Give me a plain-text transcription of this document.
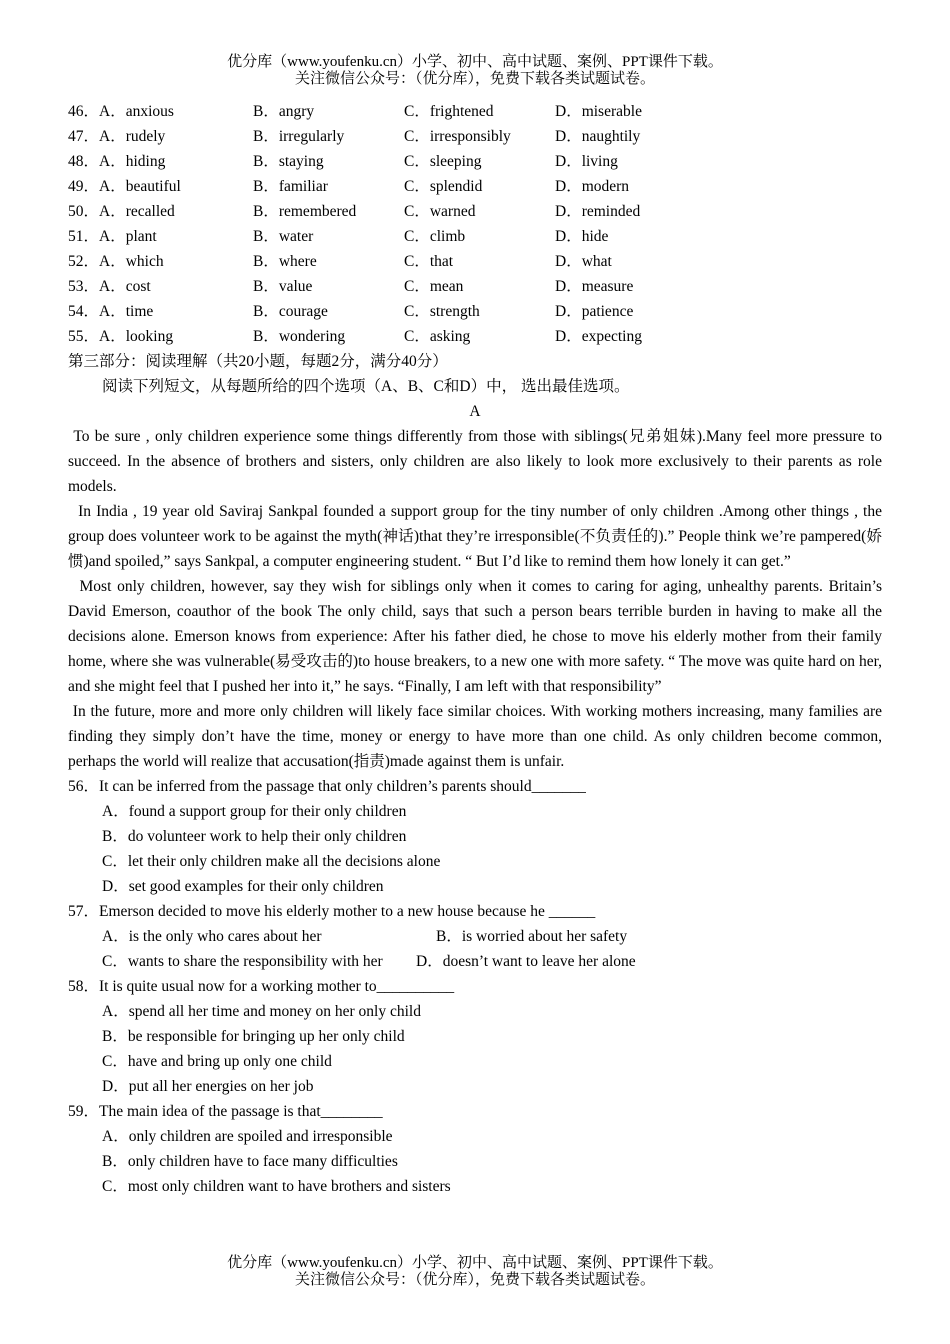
优分库（www.youfenku.cn）小学、初中、高中试题、案例、PPT课件下载。
关注微信公众号：（优分库），免费下载各类试题试卷。
46．A．anxious	B．angry	C．frightened	D．miserable
47．A．rudely	B．irregularly	C．irresponsibly	D．naughtily
48．A．hiding	B．staying	C．sleeping	D．living
49．A．beautiful	B．familiar	C．splendid	D．modern
50．A．recalled	B．remembered	C．warned	D．reminded
51．A．plant	B．water	C．climb	D．hide
52．A．which	B．where	C．that	D．what
53．A．cost	B．value	C．mean	D．measure
54．A．time	B．courage	C．strength	D．patience
55．A．looking	B．wondering	C．asking	D．expecting
第三部分：阅读理解（共20小题，每题2分，满分40分）
阅读下列短文，从每题所给的四个选项（A、B、C和D）中， 选出最佳选项。
A

To be sure , only children experience some things differently from those with siblings(兄弟姐妹).Many feel more pressure to succeed. In the absence of brothers and sisters, only children are also likely to look more exclusively to their parents as role models.

In India , 19 year old Saviraj Sankpal founded a support group for the tiny number of only children .Among other things , the group does volunteer work to be against the myth(神话)that they’re irresponsible(不负责任的).” People think we’re pampered(娇惯)and spoiled,” says Sankpal, a computer engineering student. “ But I’d like to remind them how lonely it can get.”

Most only children, however, say they wish for siblings only when it comes to caring for aging, unhealthy parents. Britain’s David Emerson, coauthor of the book The only child, says that such a person bears terrible burden in having to make all the decisions alone. Emerson knows from experience: After his father died, he chose to move his elderly mother from their family home, where she was vulnerable(易受攻击的)to house breakers, to a new one with more safety. “ The move was quite hard on her, and she might feel that I pushed her into it,” he says. “Finally, I am left with that responsibility”

In the future, more and more only children will likely face similar choices. With working mothers increasing, many families are finding they simply don’t have the time, money or energy to have more than one child. As only children become common,  perhaps the world will realize that accusation(指责)made against them is unfair.

56．It can be inferred from the passage that only children’s parents should_______
A．found a support group for their only children
B．do volunteer work to help their only children
C．let their only children make all the decisions alone
D．set good examples for their only children
57．Emerson decided to move his elderly mother to a new house because he ______
A．is the only who cares about her	B．is worried about her safety
C．wants to share the responsibility with her D．doesn’t want to leave her alone
58．It is quite usual now for a working mother to__________
A．spend all her time and money on her only child
B．be responsible for bringing up her only child
C．have and bring up only one child
D．put all her energies on her job
59．The main idea of the passage is that________
A．only children are spoiled and irresponsible
B．only children have to face many difficulties
C．most only children want to have brothers and sisters
优分库（www.youfenku.cn）小学、初中、高中试题、案例、PPT课件下载。
关注微信公众号：（优分库），免费下载各类试题试卷。
